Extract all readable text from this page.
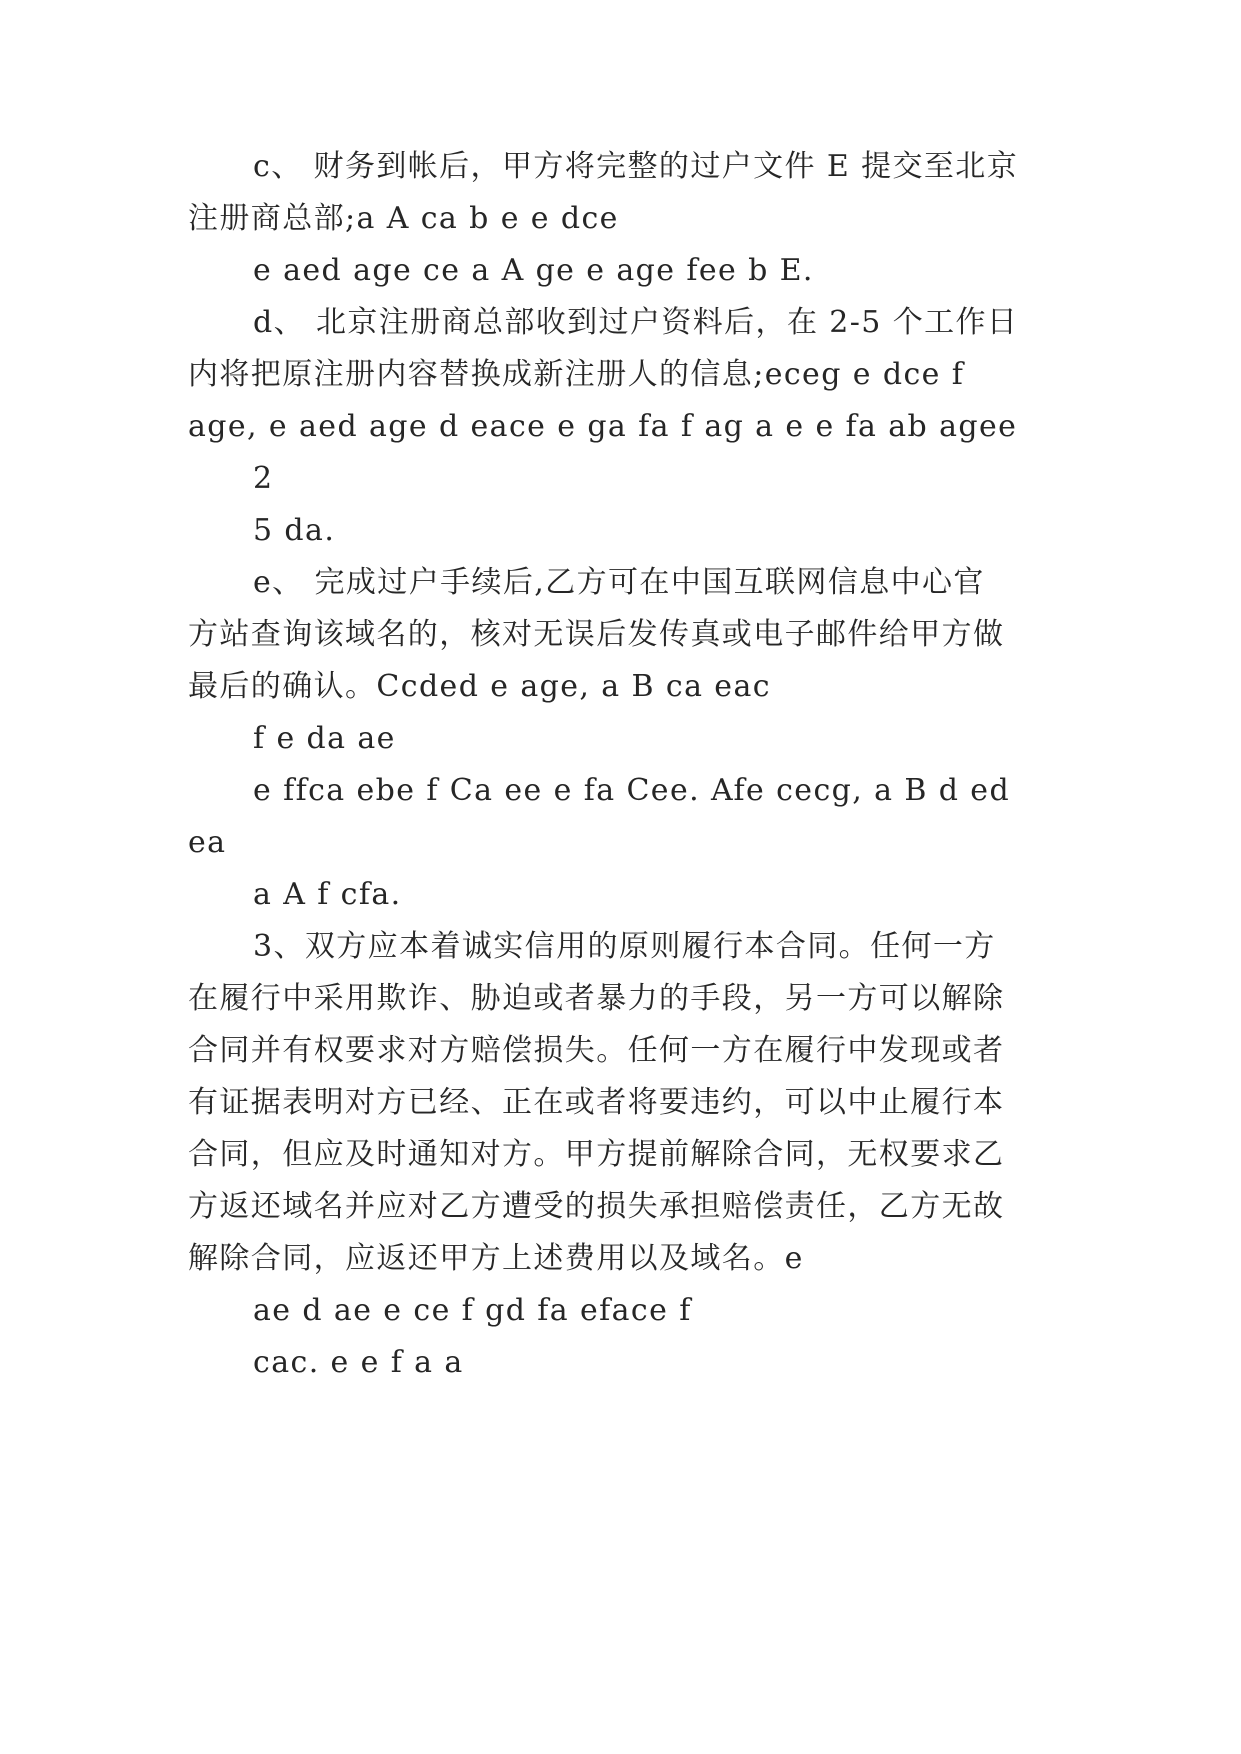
c、 财务到帐后，甲方将完整的过户文件 E 提交至北京

注册商总部;a A ca b e e dce

e aed age ce a A ge e age fee b E.

d、 北京注册商总部收到过户资料后，在 2-5 个工作日

内将把原注册内容替换成新注册人的信息;eceg e dce f

age, e aed age d eace e ga fa f ag a e e fa ab agee

2

5 da.

e、 完成过户手续后,乙方可在中国互联网信息中心官

方站查询该域名的，核对无误后发传真或电子邮件给甲方做

最后的确认。Ccded e age, a B ca eac

f e da ae

e ffca ebe f Ca ee e fa Cee. Afe cecg, a B d ed

ea

a A f cfa.

3、双方应本着诚实信用的原则履行本合同。任何一方

在履行中采用欺诈、胁迫或者暴力的手段，另一方可以解除

合同并有权要求对方赔偿损失。任何一方在履行中发现或者

有证据表明对方已经、正在或者将要违约，可以中止履行本

合同，但应及时通知对方。甲方提前解除合同，无权要求乙

方返还域名并应对乙方遭受的损失承担赔偿责任，乙方无故

解除合同，应返还甲方上述费用以及域名。e

ae d ae e ce f gd fa eface f

cac. e e f a a
